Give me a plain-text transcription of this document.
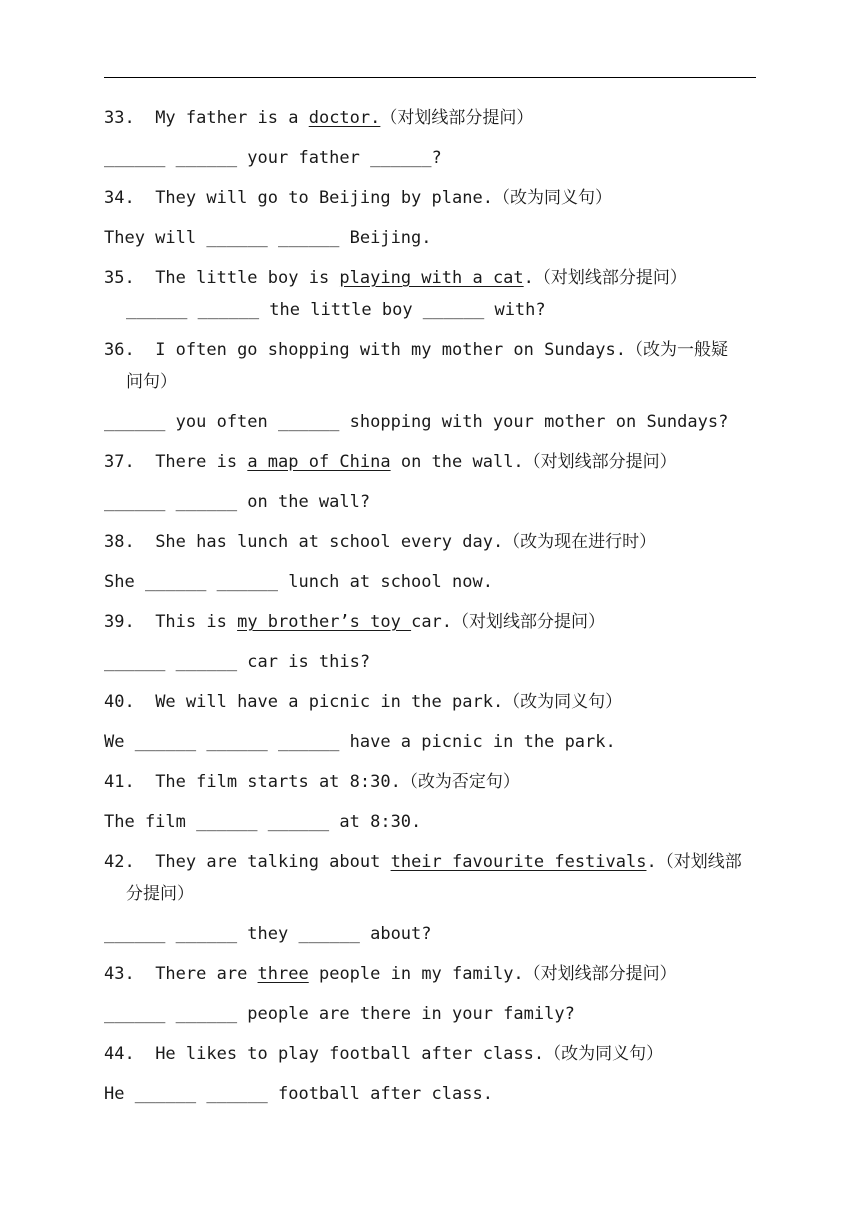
33.  My father is a doctor.（对划线部分提问）
______ ______ your father ______?
34.  They will go to Beijing by plane.（改为同义句）
They will ______ ______ Beijing.
35.  The little boy is playing with a cat.（对划线部分提问）
______ ______ the little boy ______ with?
36.  I often go shopping with my mother on Sundays.（改为一般疑
问句）
______ you often ______ shopping with your mother on Sundays?
37.  There is a map of China on the wall.（对划线部分提问）
______ ______ on the wall?
38.  She has lunch at school every day.（改为现在进行时）
She ______ ______ lunch at school now.
39.  This is my brother’s toy car.（对划线部分提问）
______ ______ car is this?
40.  We will have a picnic in the park.（改为同义句）
We ______ ______ ______ have a picnic in the park.
41.  The film starts at 8:30.（改为否定句）
The film ______ ______ at 8:30.
42.  They are talking about their favourite festivals.（对划线部
分提问）
______ ______ they ______ about?
43.  There are three people in my family.（对划线部分提问）
______ ______ people are there in your family?
44.  He likes to play football after class.（改为同义句）
He ______ ______ football after class.
